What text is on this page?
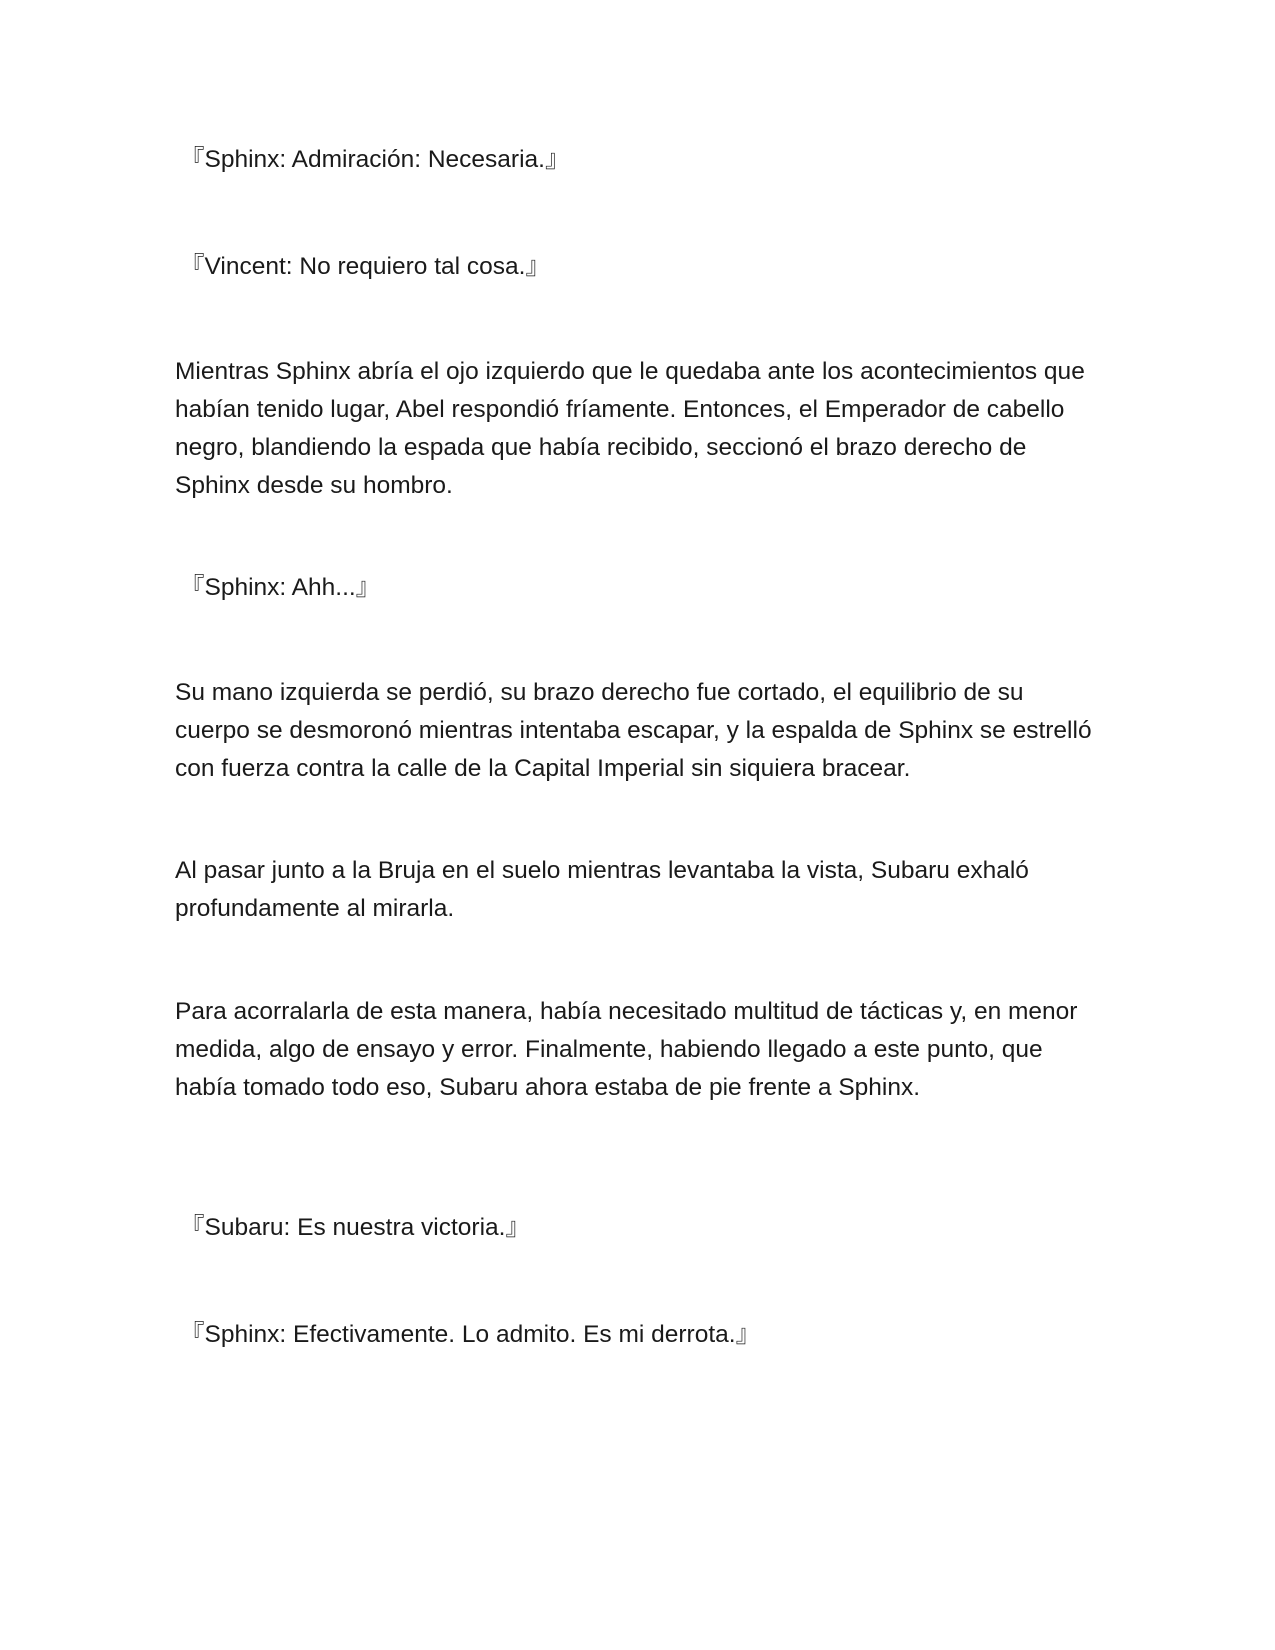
『Sphinx: Admiración: Necesaria.』

『Vincent: No requiero tal cosa.』

Mientras Sphinx abría el ojo izquierdo que le quedaba ante los acontecimientos que habían tenido lugar, Abel respondió fríamente. Entonces, el Emperador de cabello negro, blandiendo la espada que había recibido, seccionó el brazo derecho de Sphinx desde su hombro.

『Sphinx: Ahh...』

Su mano izquierda se perdió, su brazo derecho fue cortado, el equilibrio de su cuerpo se desmoronó mientras intentaba escapar, y la espalda de Sphinx se estrelló con fuerza contra la calle de la Capital Imperial sin siquiera bracear.

Al pasar junto a la Bruja en el suelo mientras levantaba la vista, Subaru exhaló profundamente al mirarla.

Para acorralarla de esta manera, había necesitado multitud de tácticas y, en menor medida, algo de ensayo y error. Finalmente, habiendo llegado a este punto, que había tomado todo eso, Subaru ahora estaba de pie frente a Sphinx.

『Subaru: Es nuestra victoria.』

『Sphinx: Efectivamente. Lo admito. Es mi derrota.』
